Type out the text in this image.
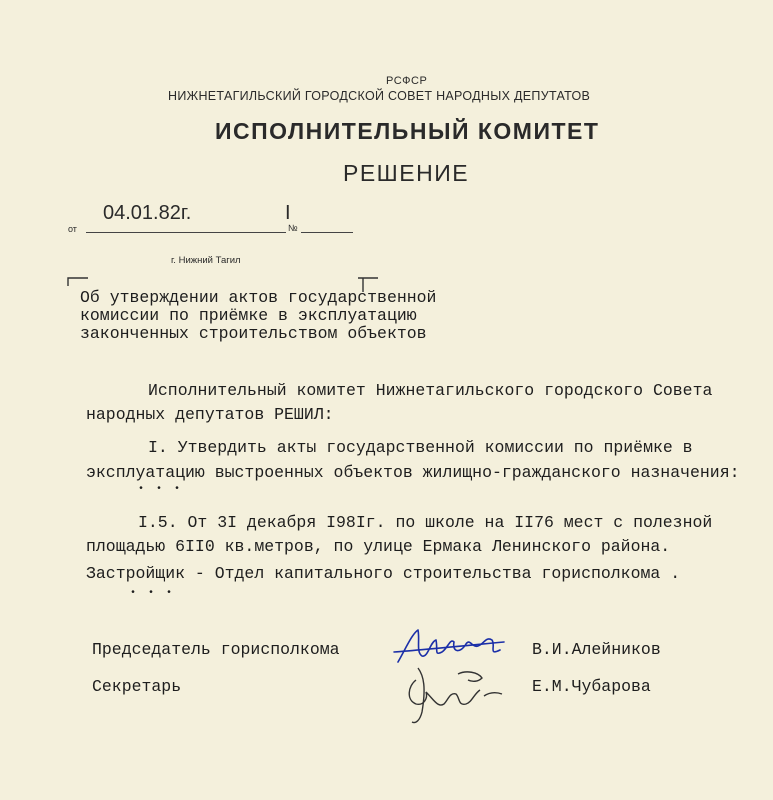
РСФСР
НИЖНЕТАГИЛЬСКИЙ ГОРОДСКОЙ СОВЕТ НАРОДНЫХ ДЕПУТАТОВ
ИСПОЛНИТЕЛЬНЫЙ КОМИТЕТ
РЕШЕНИЕ
от
04.01.82г.
№
I
г. Нижний Тагил
Об утверждении актов государственной
комиссии по приёмке в эксплуатацию
законченных строительством объектов
Исполнительный комитет Нижнетагильского городского Совета
народных депутатов РЕШИЛ:
I. Утвердить акты государственной комиссии по приёмке в
эксплуатацию выстроенных объектов жилищно-гражданского назначения:
• • •
I.5. От 3I декабря I98Iг. по школе на II76 мест с полезной
площадью 6II0 кв.метров, по улице Ермака Ленинского района.
Застройщик - Отдел капитального строительства горисполкома .
• • •
Председатель горисполкома	В.И.Алейников
Секретарь	Е.М.Чубарова
